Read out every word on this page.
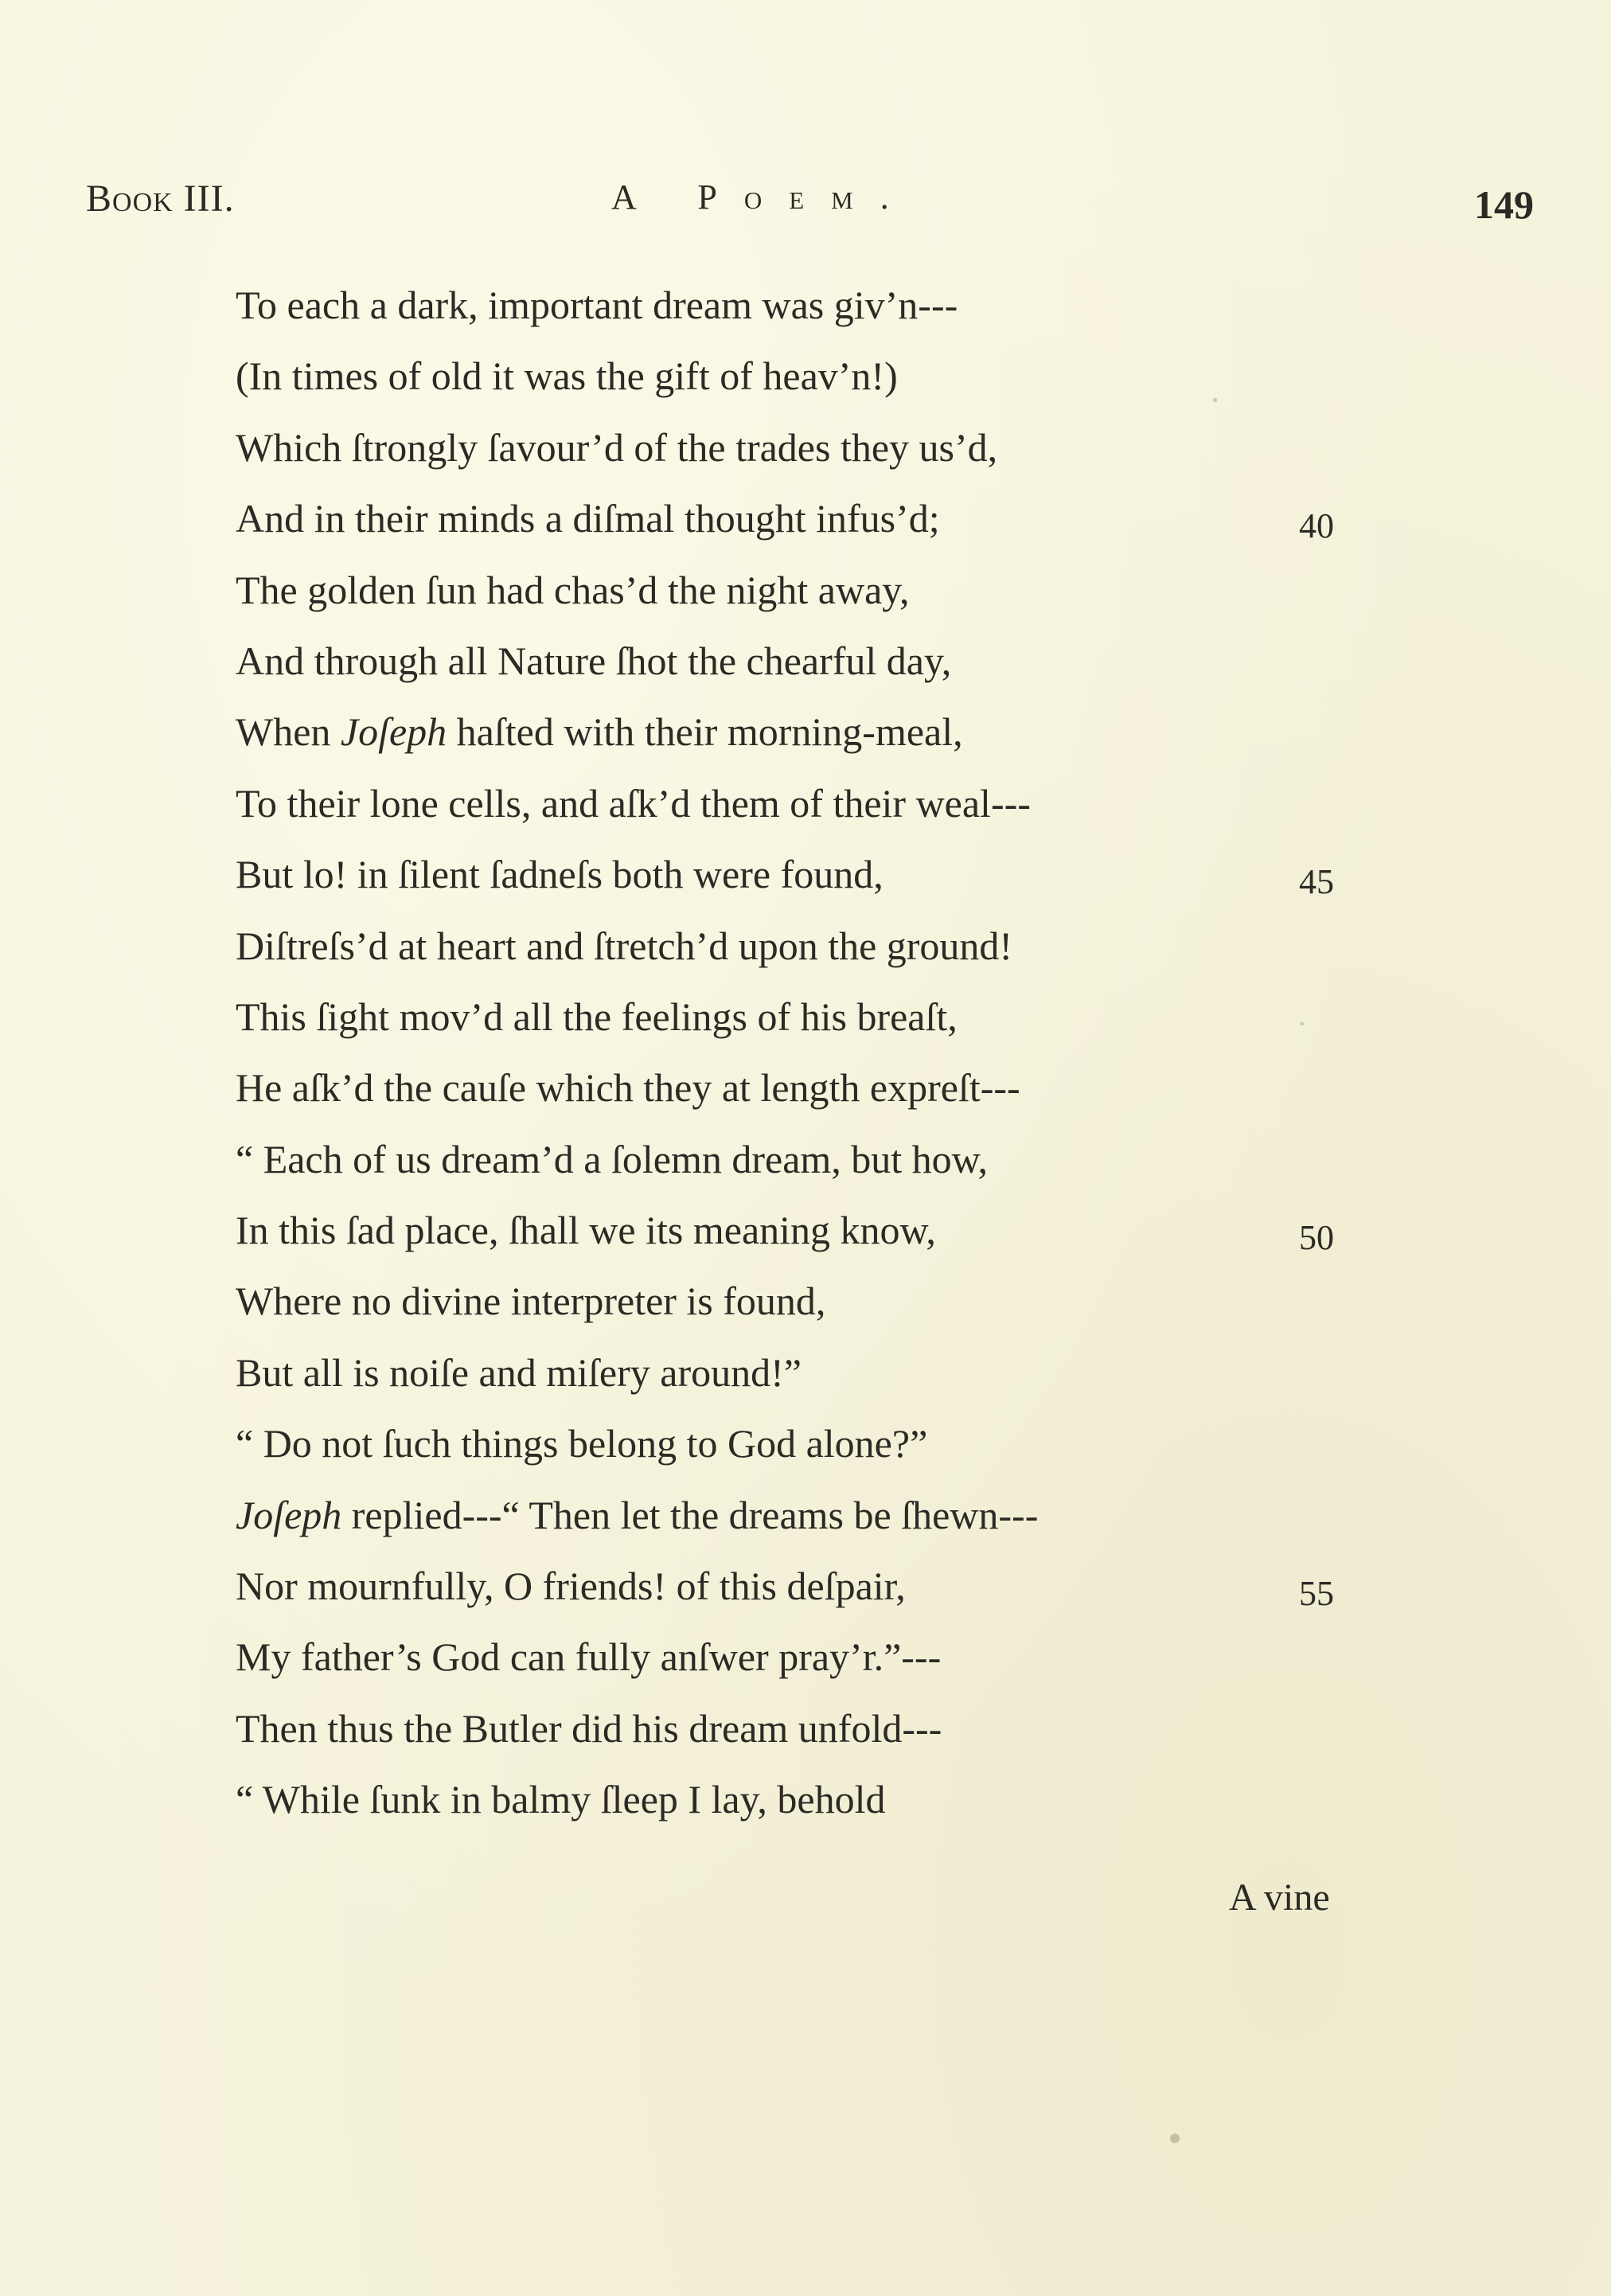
Book III.	A Poem.	149
To each a dark, important dream was giv’n---
(In times of old it was the gift of heav’n!)
Which ſtrongly ſavour’d of the trades they us’d,
And in their minds a diſmal thought infus’d;	40
The golden ſun had chas’d the night away,
And through all Nature ſhot the chearful day,
When Joſeph haſted with their morning-meal,
To their lone cells, and aſk’d them of their weal---
But lo! in ſilent ſadneſs both were found,	45
Diſtreſs’d at heart and ſtretch’d upon the ground!
This ſight mov’d all the feelings of his breaſt,
He aſk’d the cauſe which they at length expreſt---
“ Each of us dream’d a ſolemn dream, but how,
In this ſad place, ſhall we its meaning know,	50
Where no divine interpreter is found,
But all is noiſe and miſery around!”
“ Do not ſuch things belong to God alone?”
Joſeph replied---“ Then let the dreams be ſhewn---
Nor mournfully, O friends! of this deſpair,	55
My father’s God can fully anſwer pray’r.”---
Then thus the Butler did his dream unfold---
“ While ſunk in balmy ſleep I lay, behold
A vine
